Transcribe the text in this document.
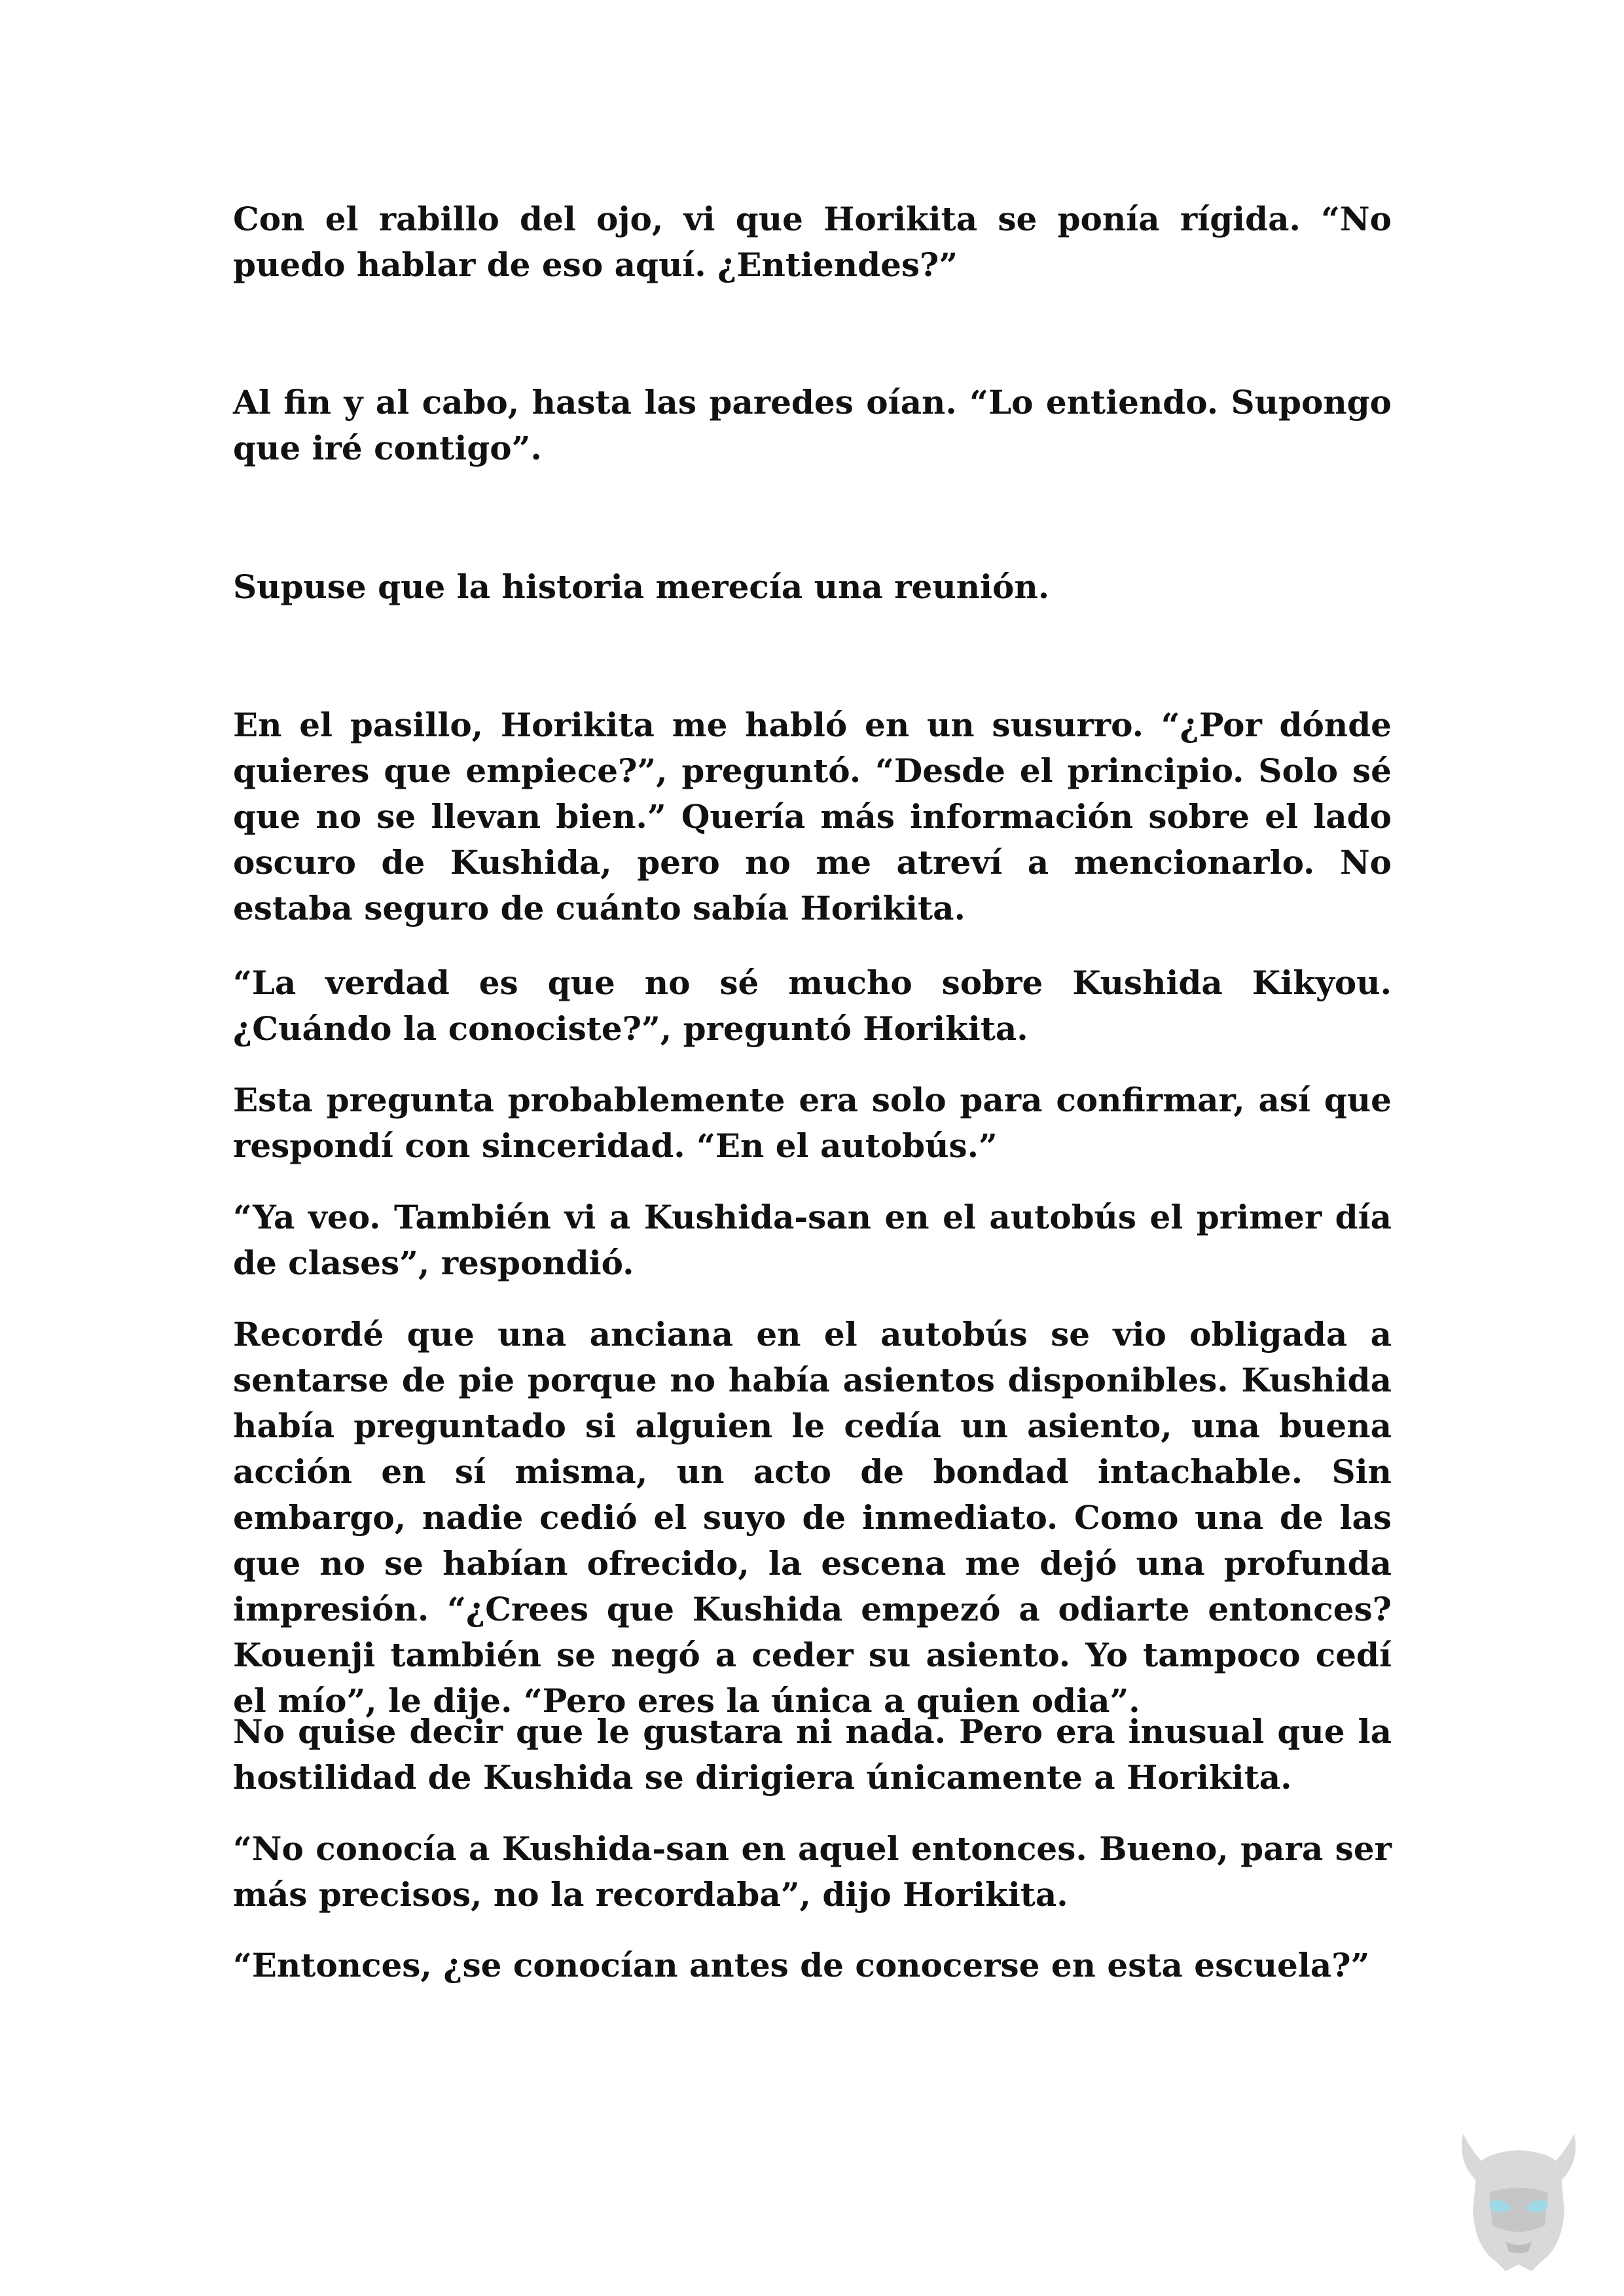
Con el rabillo del ojo, vi que Horikita se ponía rígida. “No puedo hablar de eso aquí. ¿Entiendes?”

Al fin y al cabo, hasta las paredes oían. “Lo entiendo. Supongo que iré contigo”.

Supuse que la historia merecía una reunión.

En el pasillo, Horikita me habló en un susurro. “¿Por dónde quieres que empiece?”, preguntó. “Desde el principio. Solo sé que no se llevan bien.” Quería más información sobre el lado oscuro de Kushida, pero no me atreví a mencionarlo. No estaba seguro de cuánto sabía Horikita.

“La verdad es que no sé mucho sobre Kushida Kikyou. ¿Cuándo la conociste?”, preguntó Horikita.

Esta pregunta probablemente era solo para confirmar, así que respondí con sinceridad. “En el autobús.”

“Ya veo. También vi a Kushida-san en el autobús el primer día de clases”, respondió.

Recordé que una anciana en el autobús se vio obligada a sentarse de pie porque no había asientos disponibles. Kushida había preguntado si alguien le cedía un asiento, una buena acción en sí misma, un acto de bondad intachable. Sin embargo, nadie cedió el suyo de inmediato. Como una de las que no se habían ofrecido, la escena me dejó una profunda impresión. “¿Crees que Kushida empezó a odiarte entonces? Kouenji también se negó a ceder su asiento. Yo tampoco cedí el mío”, le dije. “Pero eres la única a quien odia”.

No quise decir que le gustara ni nada. Pero era inusual que la hostilidad de Kushida se dirigiera únicamente a Horikita.

“No conocía a Kushida-san en aquel entonces. Bueno, para ser más precisos, no la recordaba”, dijo Horikita.

“Entonces, ¿se conocían antes de conocerse en esta escuela?”
